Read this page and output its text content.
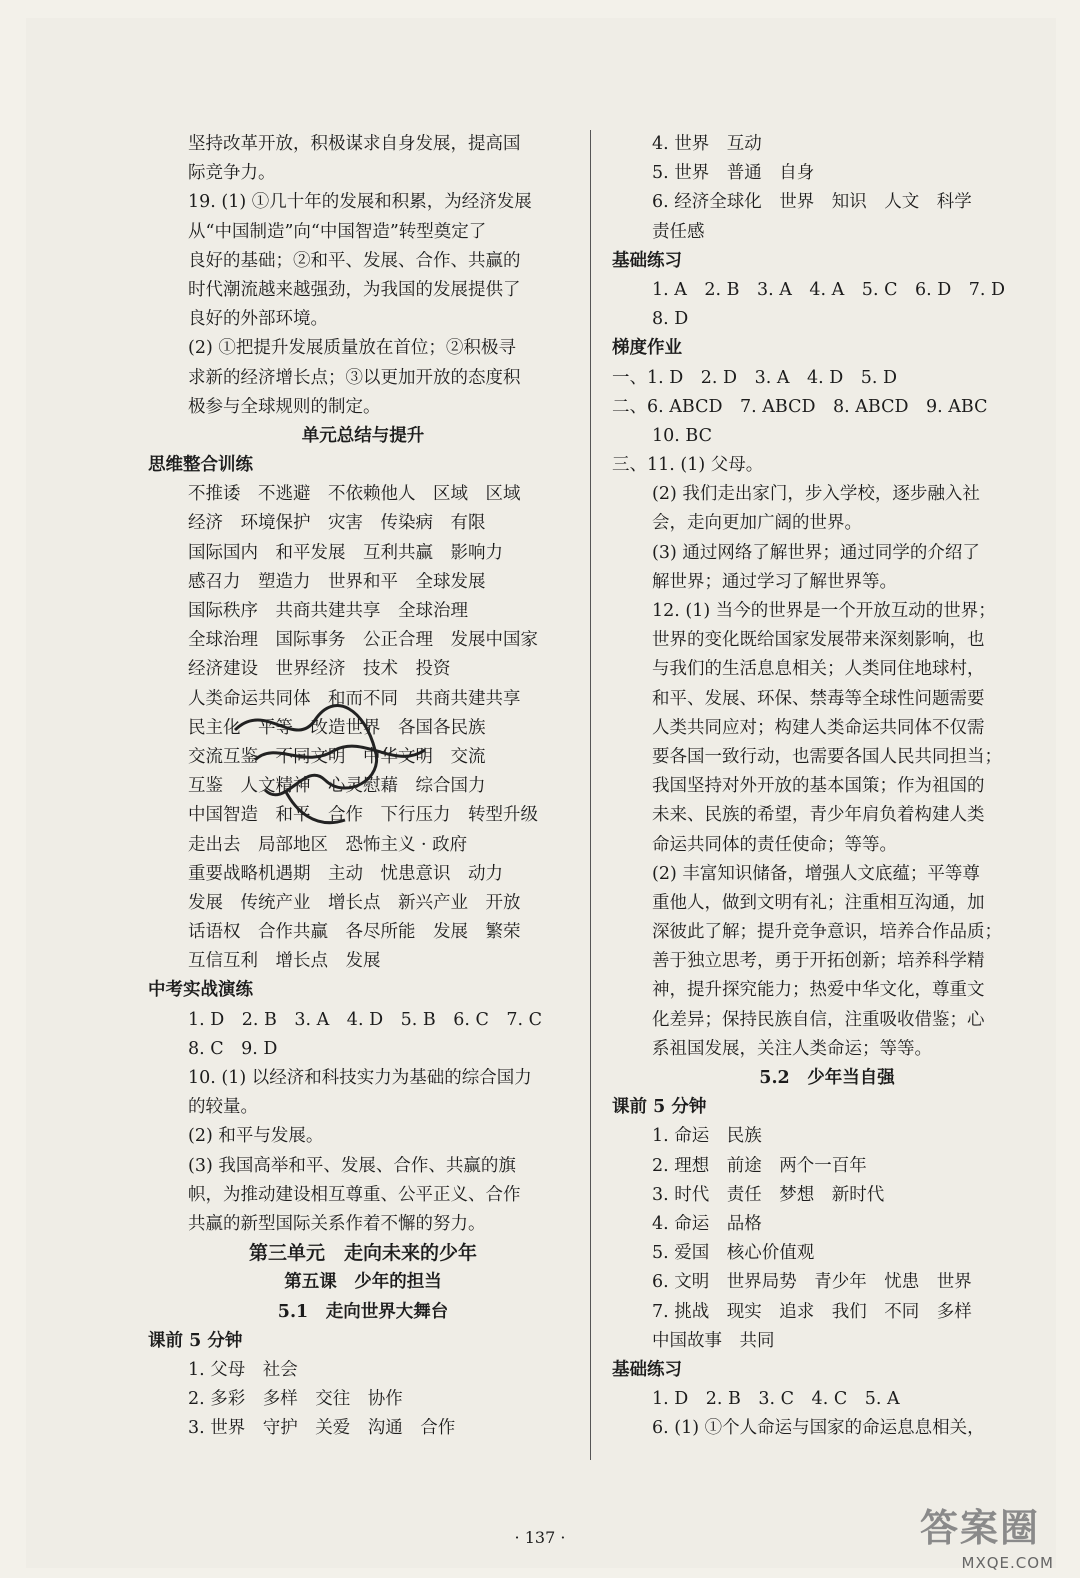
坚持改革开放，积极谋求自身发展，提高国
际竞争力。
19. (1) ①几十年的发展和积累，为经济发展
从“中国制造”向“中国智造”转型奠定了
良好的基础；②和平、发展、合作、共赢的
时代潮流越来越强劲，为我国的发展提供了
良好的外部环境。
(2) ①把提升发展质量放在首位；②积极寻
求新的经济增长点；③以更加开放的态度积
极参与全球规则的制定。
单元总结与提升
思维整合训练
不推诿　不逃避　不依赖他人　区域　区域
经济　环境保护　灾害　传染病　有限
国际国内　和平发展　互利共赢　影响力
感召力　塑造力　世界和平　全球发展
国际秩序　共商共建共享　全球治理
全球治理　国际事务　公正合理　发展中国家
经济建设　世界经济　技术　投资
人类命运共同体　和而不同　共商共建共享
民主化　平等　改造世界　各国各民族
交流互鉴　不同文明　中华文明　交流
互鉴　人文精神　心灵慰藉　综合国力
中国智造　和平　合作　下行压力　转型升级
走出去　局部地区　恐怖主义 · 政府
重要战略机遇期　主动　忧患意识　动力
发展　传统产业　增长点　新兴产业　开放
话语权　合作共赢　各尽所能　发展　繁荣
互信互利　增长点　发展
中考实战演练
1. D　2. B　3. A　4. D　5. B　6. C　7. C
8. C　9. D
10. (1) 以经济和科技实力为基础的综合国力
的较量。
(2) 和平与发展。
(3) 我国高举和平、发展、合作、共赢的旗
帜，为推动建设相互尊重、公平正义、合作
共赢的新型国际关系作着不懈的努力。
第三单元　走向未来的少年
第五课　少年的担当
5.1　走向世界大舞台
课前 5 分钟
1. 父母　社会
2. 多彩　多样　交往　协作
3. 世界　守护　关爱　沟通　合作
4. 世界　互动
5. 世界　普通　自身
6. 经济全球化　世界　知识　人文　科学
责任感
基础练习
1. A　2. B　3. A　4. A　5. C　6. D　7. D
8. D
梯度作业
一、1. D　2. D　3. A　4. D　5. D
二、6. ABCD　7. ABCD　8. ABCD　9. ABC
10. BC
三、11. (1) 父母。
(2) 我们走出家门，步入学校，逐步融入社
会，走向更加广阔的世界。
(3) 通过网络了解世界；通过同学的介绍了
解世界；通过学习了解世界等。
12. (1) 当今的世界是一个开放互动的世界；
世界的变化既给国家发展带来深刻影响，也
与我们的生活息息相关；人类同住地球村，
和平、发展、环保、禁毒等全球性问题需要
人类共同应对；构建人类命运共同体不仅需
要各国一致行动，也需要各国人民共同担当；
我国坚持对外开放的基本国策；作为祖国的
未来、民族的希望，青少年肩负着构建人类
命运共同体的责任使命；等等。
(2) 丰富知识储备，增强人文底蕴；平等尊
重他人，做到文明有礼；注重相互沟通，加
深彼此了解；提升竞争意识，培养合作品质；
善于独立思考，勇于开拓创新；培养科学精
神，提升探究能力；热爱中华文化，尊重文
化差异；保持民族自信，注重吸收借鉴；心
系祖国发展，关注人类命运；等等。
5.2　少年当自强
课前 5 分钟
1. 命运　民族
2. 理想　前途　两个一百年
3. 时代　责任　梦想　新时代
4. 命运　品格
5. 爱国　核心价值观
6. 文明　世界局势　青少年　忧患　世界
7. 挑战　现实　追求　我们　不同　多样
中国故事　共同
基础练习
1. D　2. B　3. C　4. C　5. A
6. (1) ①个人命运与国家的命运息息相关，
· 137 ·	答案圈
MXQE.COM
